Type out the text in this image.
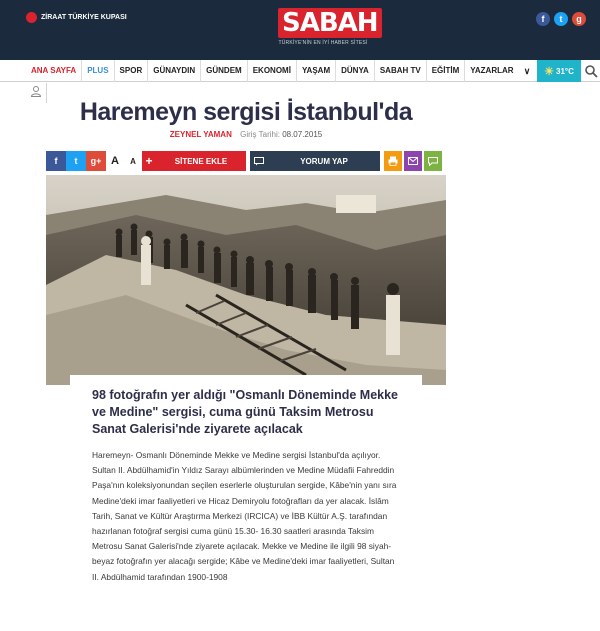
ZİRAAT TÜRKİYE KUPASI	SABAH
TÜRKİYE'NİN EN İYİ HABER SİTESİ
f	t	g
ANA SAYFA	PLUS	SPOR	GÜNAYDIN	GÜNDEM	EKONOMİ	YAŞAM	DÜNYA	SABAH TV	EĞİTİM	YAZARLAR	∨	☀ 31°C
Haremeyn sergisi İstanbul'da
ZEYNEL YAMAN Giriş Tarihi: 08.07.2015
f	t	g+ A	A +	SİTENE EKLE	YORUM YAP
98 fotoğrafın yer aldığı "Osmanlı Döneminde Mekke ve Medine" sergisi, cuma günü Taksim Metrosu Sanat Galerisi'nde ziyarete açılacak

Haremeyn- Osmanlı Döneminde Mekke ve Medine sergisi İstanbul'da açılıyor. Sultan II. Abdülhamid'in Yıldız Sarayı albümlerinden ve Medine Müdafii Fahreddin Paşa'nın koleksiyonundan seçilen eserlerle oluşturulan sergide, Kâbe'nin yanı sıra Medine'deki imar faaliyetleri ve Hicaz Demiryolu fotoğrafları da yer alacak. İslâm Tarih, Sanat ve Kültür Araştırma Merkezi (IRCICA) ve İBB Kültür A.Ş. tarafından hazırlanan fotoğraf sergisi cuma günü 15.30- 16.30 saatleri arasında Taksim Metrosu Sanat Galerisi'nde ziyarete açılacak. Mekke ve Medine ile ilgili 98 siyah-beyaz fotoğrafın yer alacağı sergide; Kâbe ve Medine'deki imar faaliyetleri, Sultan II. Abdülhamid tarafından 1900-1908
